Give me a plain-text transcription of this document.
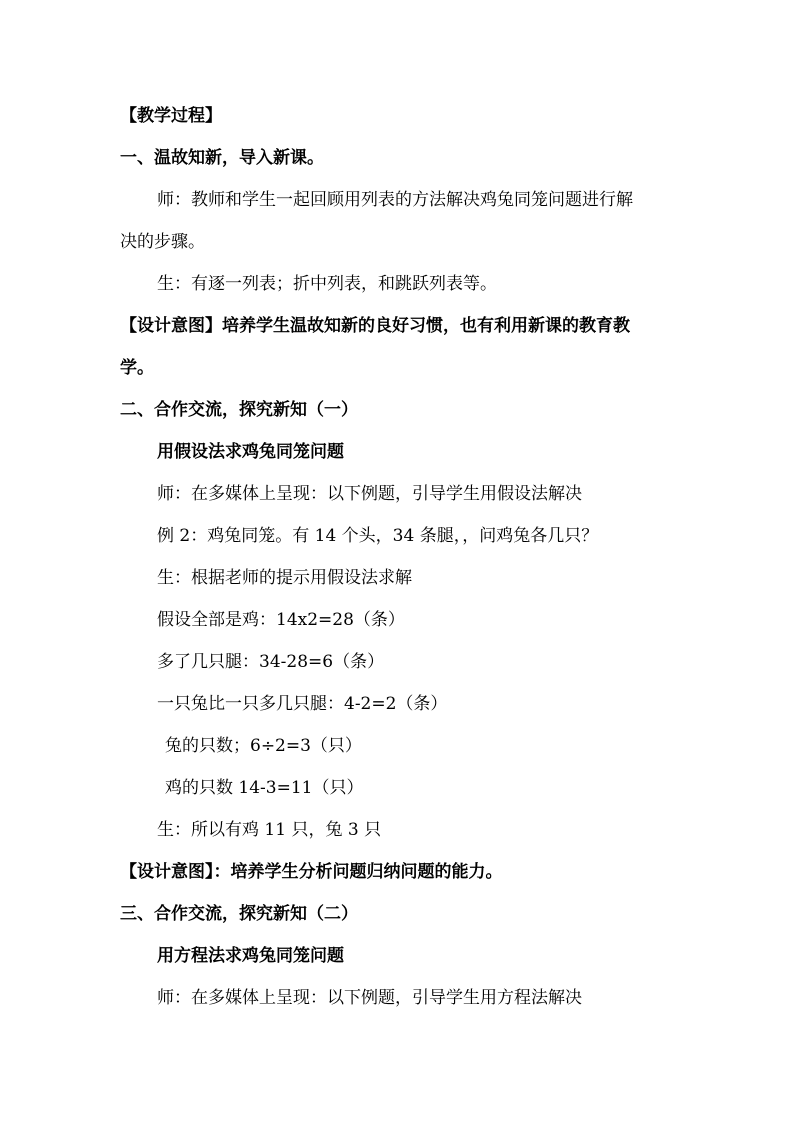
【教学过程】
一、温故知新，导入新课。
师：教师和学生一起回顾用列表的方法解决鸡兔同笼问题进行解
决的步骤。
生：有逐一列表；折中列表，和跳跃列表等。
【设计意图】培养学生温故知新的良好习惯，也有利用新课的教育教
学。
二、合作交流，探究新知（一）
用假设法求鸡兔同笼问题
师：在多媒体上呈现：以下例题，引导学生用假设法解决
例 2：鸡兔同笼。有 14 个头，34 条腿，，问鸡兔各几只？
生：根据老师的提示用假设法求解
假设全部是鸡：14x2=28（条）
多了几只腿：34-28=6（条）
一只兔比一只多几只腿：4-2=2（条）
兔的只数；6÷2=3（只）
鸡的只数 14-3=11（只）
生：所以有鸡 11 只，兔 3 只
【设计意图】：培养学生分析问题归纳问题的能力。
三、合作交流，探究新知（二）
用方程法求鸡兔同笼问题
师：在多媒体上呈现：以下例题，引导学生用方程法解决
